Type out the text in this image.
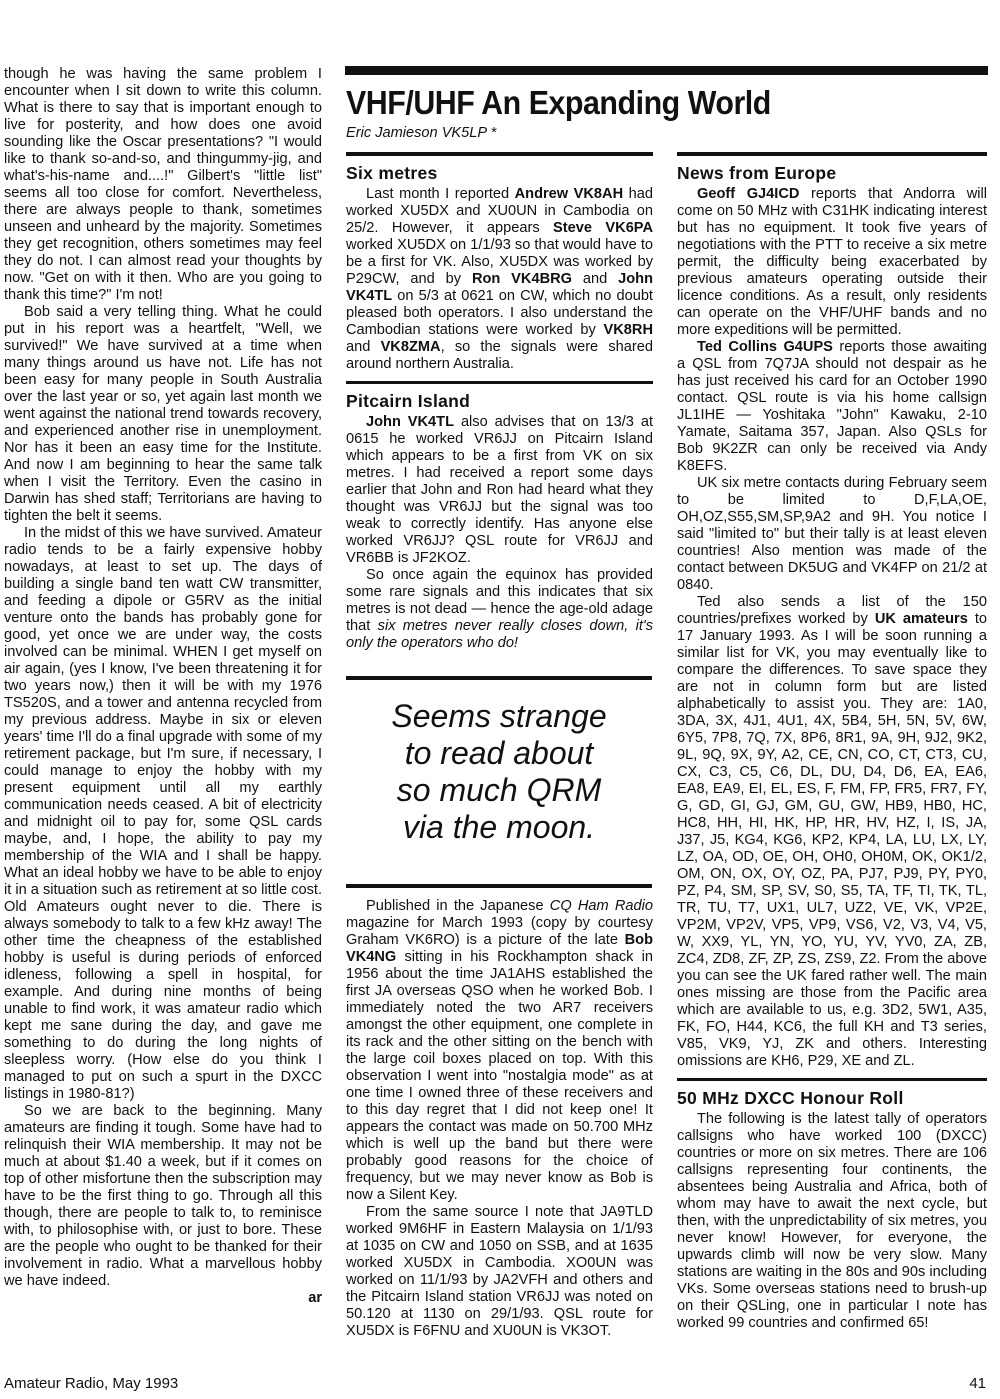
though he was having the same problem I encounter when I sit down to write this column. What is there to say that is important enough to live for posterity, and how does one avoid sounding like the Oscar presentations? "I would like to thank so-and-so, and thingummy-jig, and what's-his-name and....!" Gilbert's "little list" seems all too close for comfort. Nevertheless, there are always people to thank, sometimes unseen and unheard by the majority. Sometimes they get recognition, others sometimes may feel they do not. I can almost read your thoughts by now. "Get on with it then. Who are you going to thank this time?" I'm not!

Bob said a very telling thing. What he could put in his report was a heartfelt, "Well, we survived!" We have survived at a time when many things around us have not. Life has not been easy for many people in South Australia over the last year or so, yet again last month we went against the national trend towards recovery, and experienced another rise in unemployment. Nor has it been an easy time for the Institute. And now I am beginning to hear the same talk when I visit the Territory. Even the casino in Darwin has shed staff; Territorians are having to tighten the belt it seems.

In the midst of this we have survived. Amateur radio tends to be a fairly expensive hobby nowadays, at least to set up. The days of building a single band ten watt CW transmitter, and feeding a dipole or G5RV as the initial venture onto the bands has probably gone for good, yet once we are under way, the costs involved can be minimal. WHEN I get myself on air again, (yes I know, I've been threatening it for two years now,) then it will be with my 1976 TS520S, and a tower and antenna recycled from my previous address. Maybe in six or eleven years' time I'll do a final upgrade with some of my retirement package, but I'm sure, if necessary, I could manage to enjoy the hobby with my present equipment until all my earthly communication needs ceased. A bit of electricity and midnight oil to pay for, some QSL cards maybe, and, I hope, the ability to pay my membership of the WIA and I shall be happy. What an ideal hobby we have to be able to enjoy it in a situation such as retirement at so little cost. Old Amateurs ought never to die. There is always somebody to talk to a few kHz away! The other time the cheapness of the established hobby is useful is during periods of enforced idleness, following a spell in hospital, for example. And during nine months of being unable to find work, it was amateur radio which kept me sane during the day, and gave me something to do during the long nights of sleepless worry. (How else do you think I managed to put on such a spurt in the DXCC listings in 1980-81?)

So we are back to the beginning. Many amateurs are finding it tough. Some have had to relinquish their WIA membership. It may not be much at about $1.40 a week, but if it comes on top of other misfortune then the subscription may have to be the first thing to go. Through all this though, there are people to talk to, to reminisce with, to philosophise with, or just to bore. These are the people who ought to be thanked for their involvement in radio. What a marvellous hobby we have indeed.

ar

VHF/UHF An Expanding World
Eric Jamieson VK5LP *
Six metres

Last month I reported Andrew VK8AH had worked XU5DX and XU0UN in Cambodia on 25/2. However, it appears Steve VK6PA worked XU5DX on 1/1/93 so that would have to be a first for VK. Also, XU5DX was worked by P29CW, and by Ron VK4BRG and John VK4TL on 5/3 at 0621 on CW, which no doubt pleased both operators. I also understand the Cambodian stations were worked by VK8RH and VK8ZMA, so the signals were shared around northern Australia.

Pitcairn Island

John VK4TL also advises that on 13/3 at 0615 he worked VR6JJ on Pitcairn Island which appears to be a first from VK on six metres. I had received a report some days earlier that John and Ron had heard what they thought was VR6JJ but the signal was too weak to correctly identify. Has anyone else worked VR6JJ? QSL route for VR6JJ and VR6BB is JF2KOZ.

So once again the equinox has provided some rare signals and this indicates that six metres is not dead — hence the age-old adage that six metres never really closes down, it's only the operators who do!

Seems strange
to read about
so much QRM
via the moon.

Published in the Japanese CQ Ham Radio magazine for March 1993 (copy by courtesy Graham VK6RO) is a picture of the late Bob VK4NG sitting in his Rockhampton shack in 1956 about the time JA1AHS established the first JA overseas QSO when he worked Bob. I immediately noted the two AR7 receivers amongst the other equipment, one complete in its rack and the other sitting on the bench with the large coil boxes placed on top. With this observation I went into "nostalgia mode" as at one time I owned three of these receivers and to this day regret that I did not keep one! It appears the contact was made on 50.700 MHz which is well up the band but there were probably good reasons for the choice of frequency, but we may never know as Bob is now a Silent Key.

From the same source I note that JA9TLD worked 9M6HF in Eastern Malaysia on 1/1/93 at 1035 on CW and 1050 on SSB, and at 1635 worked XU5DX in Cambodia. XO0UN was worked on 11/1/93 by JA2VFH and others and the Pitcairn Island station VR6JJ was noted on 50.120 at 1130 on 29/1/93. QSL route for XU5DX is F6FNU and XU0UN is VK3OT.

News from Europe

Geoff GJ4ICD reports that Andorra will come on 50 MHz with C31HK indicating interest but has no equipment. It took five years of negotiations with the PTT to receive a six metre permit, the difficulty being exacerbated by previous amateurs operating outside their licence conditions. As a result, only residents can operate on the VHF/UHF bands and no more expeditions will be permitted.

Ted Collins G4UPS reports those awaiting a QSL from 7Q7JA should not despair as he has just received his card for an October 1990 contact. QSL route is via his home callsign JL1IHE — Yoshitaka "John" Kawaku, 2-10 Yamate, Saitama 357, Japan. Also QSLs for Bob 9K2ZR can only be received via Andy K8EFS.

UK six metre contacts during February seem to be limited to D,F,LA,OE, OH,OZ,S55,SM,SP,9A2 and 9H. You notice I said "limited to" but their tally is at least eleven countries! Also mention was made of the contact between DK5UG and VK4FP on 21/2 at 0840.

Ted also sends a list of the 150 countries/prefixes worked by UK amateurs to 17 January 1993. As I will be soon running a similar list for VK, you may eventually like to compare the differences. To save space they are not in column form but are listed alphabetically to assist you. They are: 1A0, 3DA, 3X, 4J1, 4U1, 4X, 5B4, 5H, 5N, 5V, 6W, 6Y5, 7P8, 7Q, 7X, 8P6, 8R1, 9A, 9H, 9J2, 9K2, 9L, 9Q, 9X, 9Y, A2, CE, CN, CO, CT, CT3, CU, CX, C3, C5, C6, DL, DU, D4, D6, EA, EA6, EA8, EA9, EI, EL, ES, F, FM, FP, FR5, FR7, FY, G, GD, GI, GJ, GM, GU, GW, HB9, HB0, HC, HC8, HH, HI, HK, HP, HR, HV, HZ, I, IS, JA, J37, J5, KG4, KG6, KP2, KP4, LA, LU, LX, LY, LZ, OA, OD, OE, OH, OH0, OH0M, OK, OK1/2, OM, ON, OX, OY, OZ, PA, PJ7, PJ9, PY, PY0, PZ, P4, SM, SP, SV, S0, S5, TA, TF, TI, TK, TL, TR, TU, T7, UX1, UL7, UZ2, VE, VK, VP2E, VP2M, VP2V, VP5, VP9, VS6, V2, V3, V4, V5, W, XX9, YL, YN, YO, YU, YV, YV0, ZA, ZB, ZC4, ZD8, ZF, ZP, ZS, ZS9, Z2. From the above you can see the UK fared rather well. The main ones missing are those from the Pacific area which are available to us, e.g. 3D2, 5W1, A35, FK, FO, H44, KC6, the full KH and T3 series, V85, VK9, YJ, ZK and others. Interesting omissions are KH6, P29, XE and ZL.

50 MHz DXCC Honour Roll

The following is the latest tally of operators callsigns who have worked 100 (DXCC) countries or more on six metres. There are 106 callsigns representing four continents, the absentees being Australia and Africa, both of whom may have to await the next cycle, but then, with the unpredictability of six metres, you never know! However, for everyone, the upwards climb will now be very slow. Many stations are waiting in the 80s and 90s including VKs. Some overseas stations need to brush-up on their QSLing, one in particular I note has worked 99 countries and confirmed 65!

Amateur Radio, May 1993	41
